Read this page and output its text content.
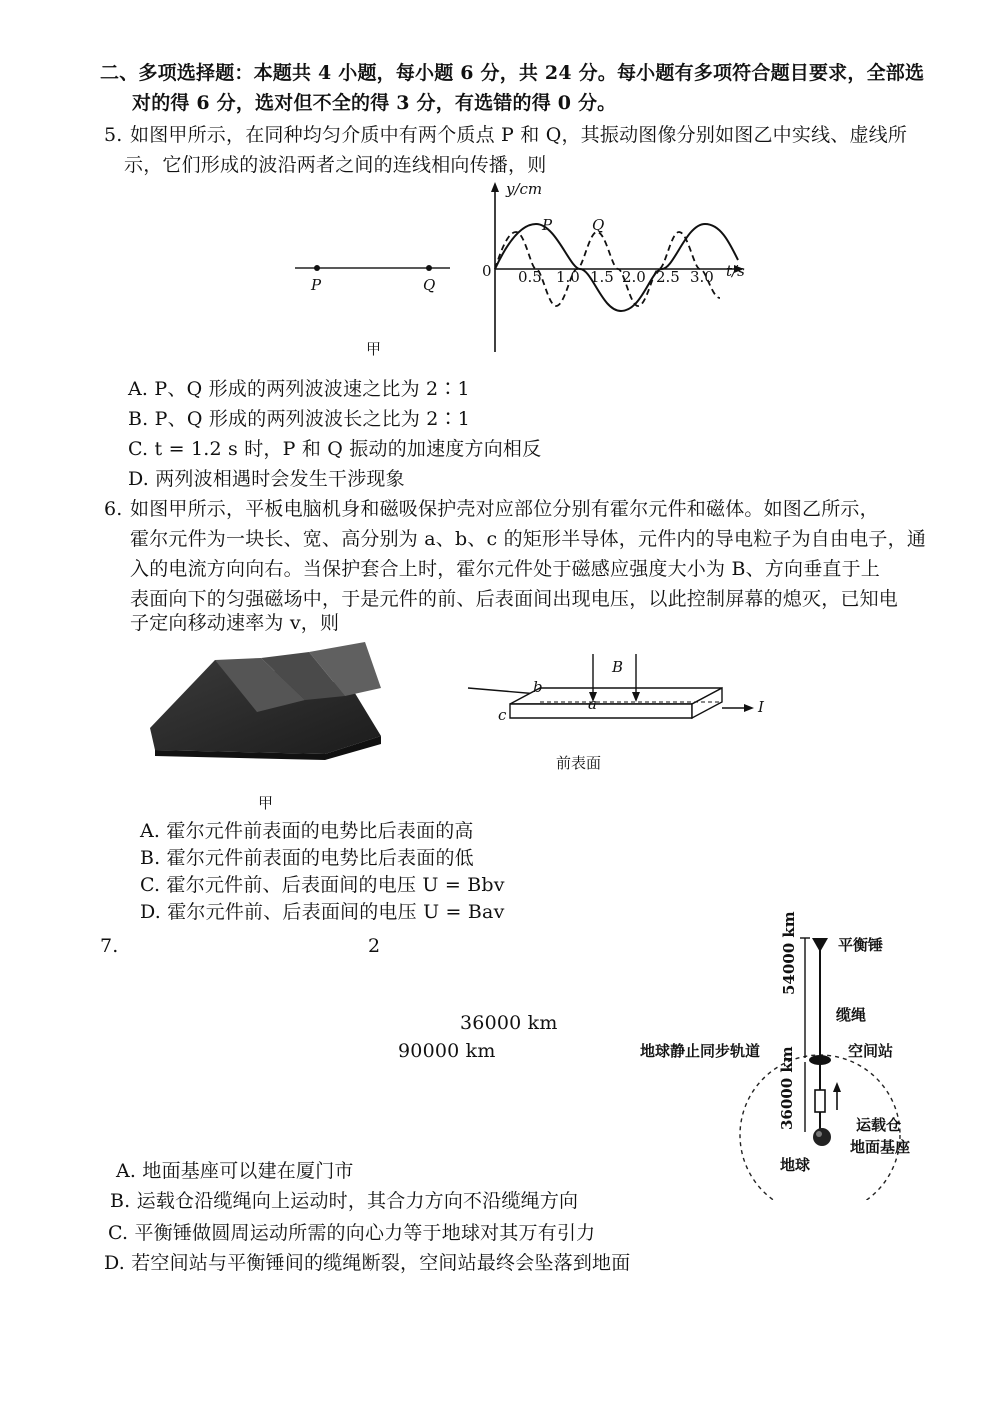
二、多项选择题：本题共 4 小题，每小题 6 分，共 24 分。每小题有多项符合题目要求，全部选
对的得 6 分，选对但不全的得 3 分，有选错的得 0 分。
5. 如图甲所示，在同种均匀介质中有两个质点 P 和 Q，其振动图像分别如图乙中实线、虚线所
示，它们形成的波沿两者之间的连线相向传播，则
P	Q
甲
y/cm
0
P	Q
0.5 1.0 1.5 2.0 2.5 3.0 t/s
A. P、Q 形成的两列波波速之比为 2∶1
B. P、Q 形成的两列波波长之比为 2∶1
C. t = 1.2 s 时，P 和 Q 振动的加速度方向相反
D. 两列波相遇时会发生干涉现象
6. 如图甲所示，平板电脑机身和磁吸保护壳对应部位分别有霍尔元件和磁体。如图乙所示，
霍尔元件为一块长、宽、高分别为 a、b、c 的矩形半导体，元件内的导电粒子为自由电子，通
入的电流方向向右。当保护套合上时，霍尔元件处于磁感应强度大小为 B、方向垂直于上
表面向下的匀强磁场中，于是元件的前、后表面间出现电压，以此控制屏幕的熄灭，已知电
子定向移动速率为 v，则
甲
B
b
a
c	I
前表面
A. 霍尔元件前表面的电势比后表面的高
B. 霍尔元件前表面的电势比后表面的低
C. 霍尔元件前、后表面间的电压 U = Bbv
D. 霍尔元件前、后表面间的电压 U = Bav
7.	2
36000 km
90000 km
平衡锤
缆绳
54000 km
36000 km
地球静止同步轨道	空间站
运载仓
地面基座
地球
A. 地面基座可以建在厦门市
B. 运载仓沿缆绳向上运动时，其合力方向不沿缆绳方向
C. 平衡锤做圆周运动所需的向心力等于地球对其万有引力
D. 若空间站与平衡锤间的缆绳断裂，空间站最终会坠落到地面
